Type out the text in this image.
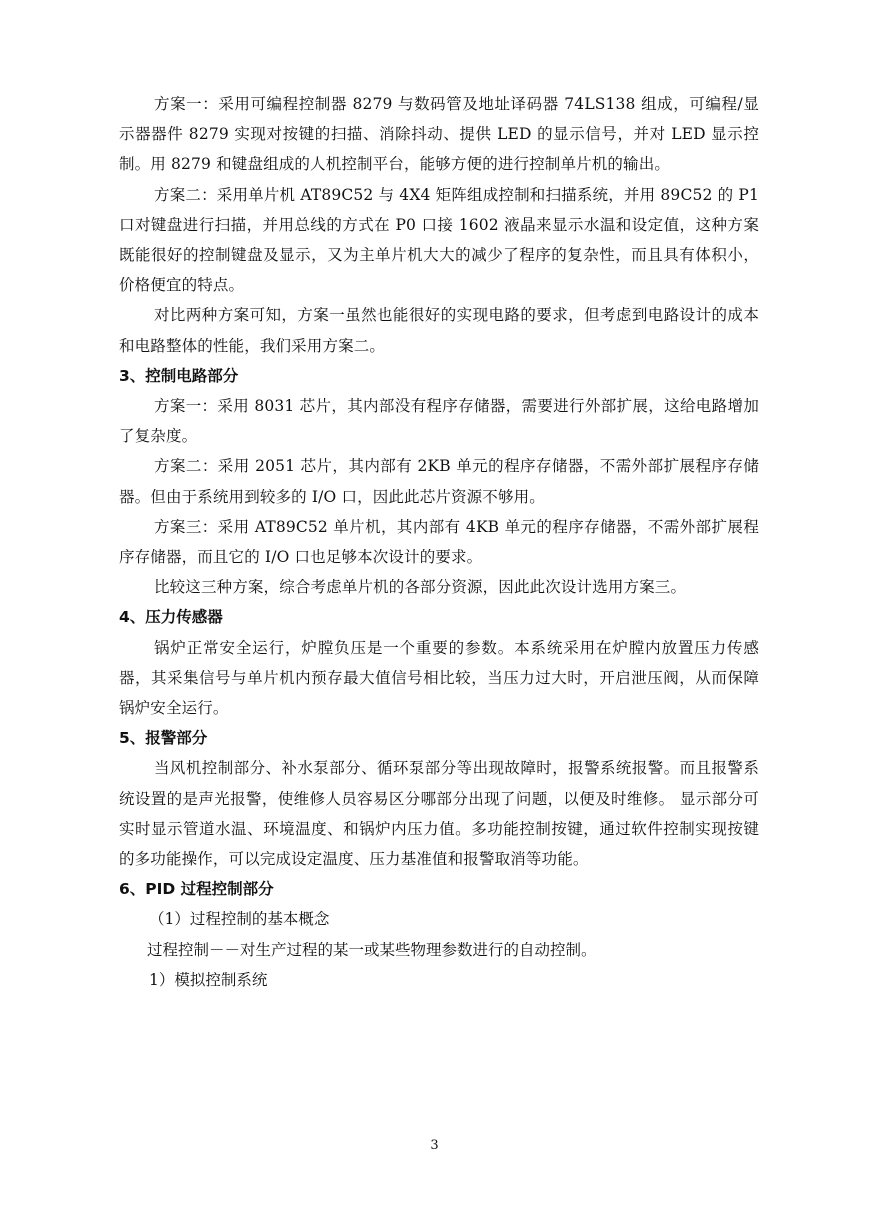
方案一：采用可编程控制器 8279 与数码管及地址译码器 74LS138 组成，可编程/显示器器件 8279 实现对按键的扫描、消除抖动、提供 LED 的显示信号，并对 LED 显示控制。用 8279 和键盘组成的人机控制平台，能够方便的进行控制单片机的输出。

方案二：采用单片机 AT89C52 与 4X4 矩阵组成控制和扫描系统，并用 89C52 的 P1 口对键盘进行扫描，并用总线的方式在 P0 口接 1602 液晶来显示水温和设定值，这种方案既能很好的控制键盘及显示，又为主单片机大大的减少了程序的复杂性，而且具有体积小，价格便宜的特点。

对比两种方案可知，方案一虽然也能很好的实现电路的要求，但考虑到电路设计的成本和电路整体的性能，我们采用方案二。

3、控制电路部分

方案一：采用 8031 芯片，其内部没有程序存储器，需要进行外部扩展，这给电路增加了复杂度。

方案二：采用 2051 芯片，其内部有 2KB 单元的程序存储器，不需外部扩展程序存储器。但由于系统用到较多的 I/O 口，因此此芯片资源不够用。

方案三：采用 AT89C52 单片机，其内部有 4KB 单元的程序存储器，不需外部扩展程序存储器，而且它的 I/O 口也足够本次设计的要求。

比较这三种方案，综合考虑单片机的各部分资源，因此此次设计选用方案三。

4、压力传感器

锅炉正常安全运行，炉膛负压是一个重要的参数。本系统采用在炉膛内放置压力传感器，其采集信号与单片机内预存最大值信号相比较，当压力过大时，开启泄压阀，从而保障锅炉安全运行。

5、报警部分

当风机控制部分、补水泵部分、循环泵部分等出现故障时，报警系统报警。而且报警系统设置的是声光报警，使维修人员容易区分哪部分出现了问题，以便及时维修。 显示部分可实时显示管道水温、环境温度、和锅炉内压力值。多功能控制按键，通过软件控制实现按键的多功能操作，可以完成设定温度、压力基准值和报警取消等功能。

6、PID 过程控制部分

（1）过程控制的基本概念

过程控制－－对生产过程的某一或某些物理参数进行的自动控制。

1）模拟控制系统

3
